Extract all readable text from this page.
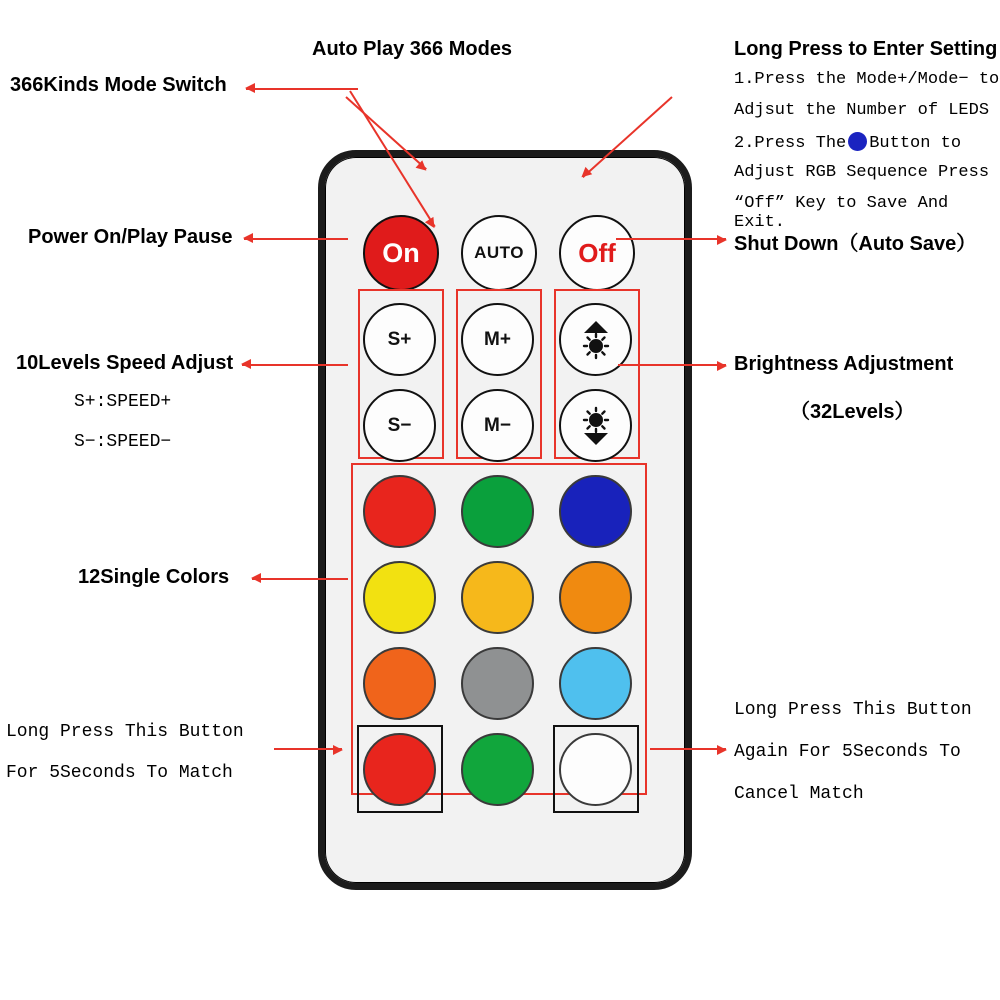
On	AUTO Off
S+	M+
S−	M−
366Kinds Mode Switch
Auto Play 366 Modes
Power On/Play Pause
10Levels Speed Adjust
S+:SPEED+
S−:SPEED−
12Single Colors
Long Press This Button
For 5Seconds To Match
Long Press to Enter Setting
1.Press the Mode+/Mode− to
Adjsut the Number of LEDS
2.Press The Button to
Adjust RGB Sequence Press
“Off” Key to Save And Exit.
Shut Down（Auto Save）
Brightness Adjustment
（32Levels）
Long Press This Button
Again For 5Seconds To
Cancel Match
